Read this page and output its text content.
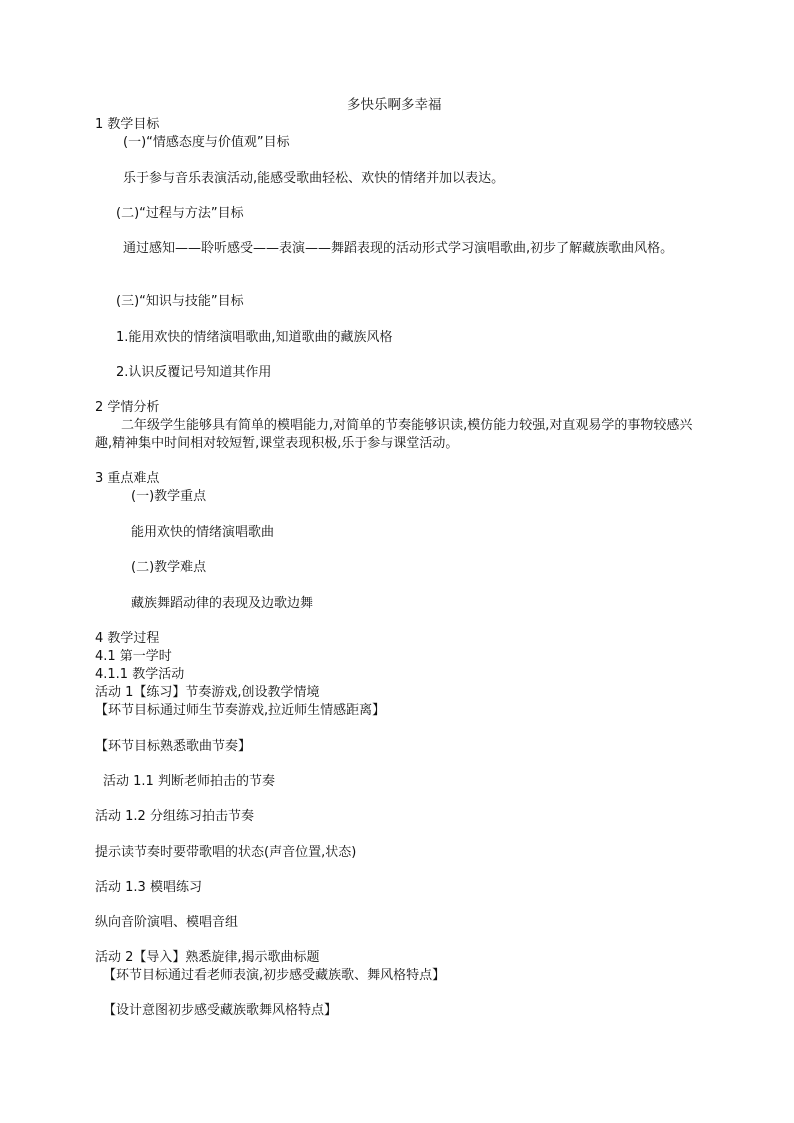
多快乐啊多幸福
1 教学目标
(一)“情感态度与价值观”目标
乐于参与音乐表演活动,能感受歌曲轻松、欢快的情绪并加以表达。
(二)“过程与方法”目标
通过感知——聆听感受——表演——舞蹈表现的活动形式学习演唱歌曲,初步了解藏族歌曲风格。
(三)“知识与技能”目标
1.能用欢快的情绪演唱歌曲,知道歌曲的藏族风格
2.认识反覆记号知道其作用
2 学情分析
二年级学生能够具有简单的模唱能力,对简单的节奏能够识读,模仿能力较强,对直观易学的事物较感兴趣,精神集中时间相对较短暂,课堂表现积极,乐于参与课堂活动。
3 重点难点
(一)教学重点
能用欢快的情绪演唱歌曲
(二)教学难点
藏族舞蹈动律的表现及边歌边舞
4 教学过程
4.1 第一学时
4.1.1 教学活动
活动 1【练习】节奏游戏,创设教学情境
【环节目标通过师生节奏游戏,拉近师生情感距离】
【环节目标熟悉歌曲节奏】
活动 1.1 判断老师拍击的节奏
活动 1.2 分组练习拍击节奏
提示读节奏时要带歌唱的状态(声音位置,状态)
活动 1.3 模唱练习
纵向音阶演唱、模唱音组
活动 2【导入】熟悉旋律,揭示歌曲标题
【环节目标通过看老师表演,初步感受藏族歌、舞风格特点】
【设计意图初步感受藏族歌舞风格特点】
